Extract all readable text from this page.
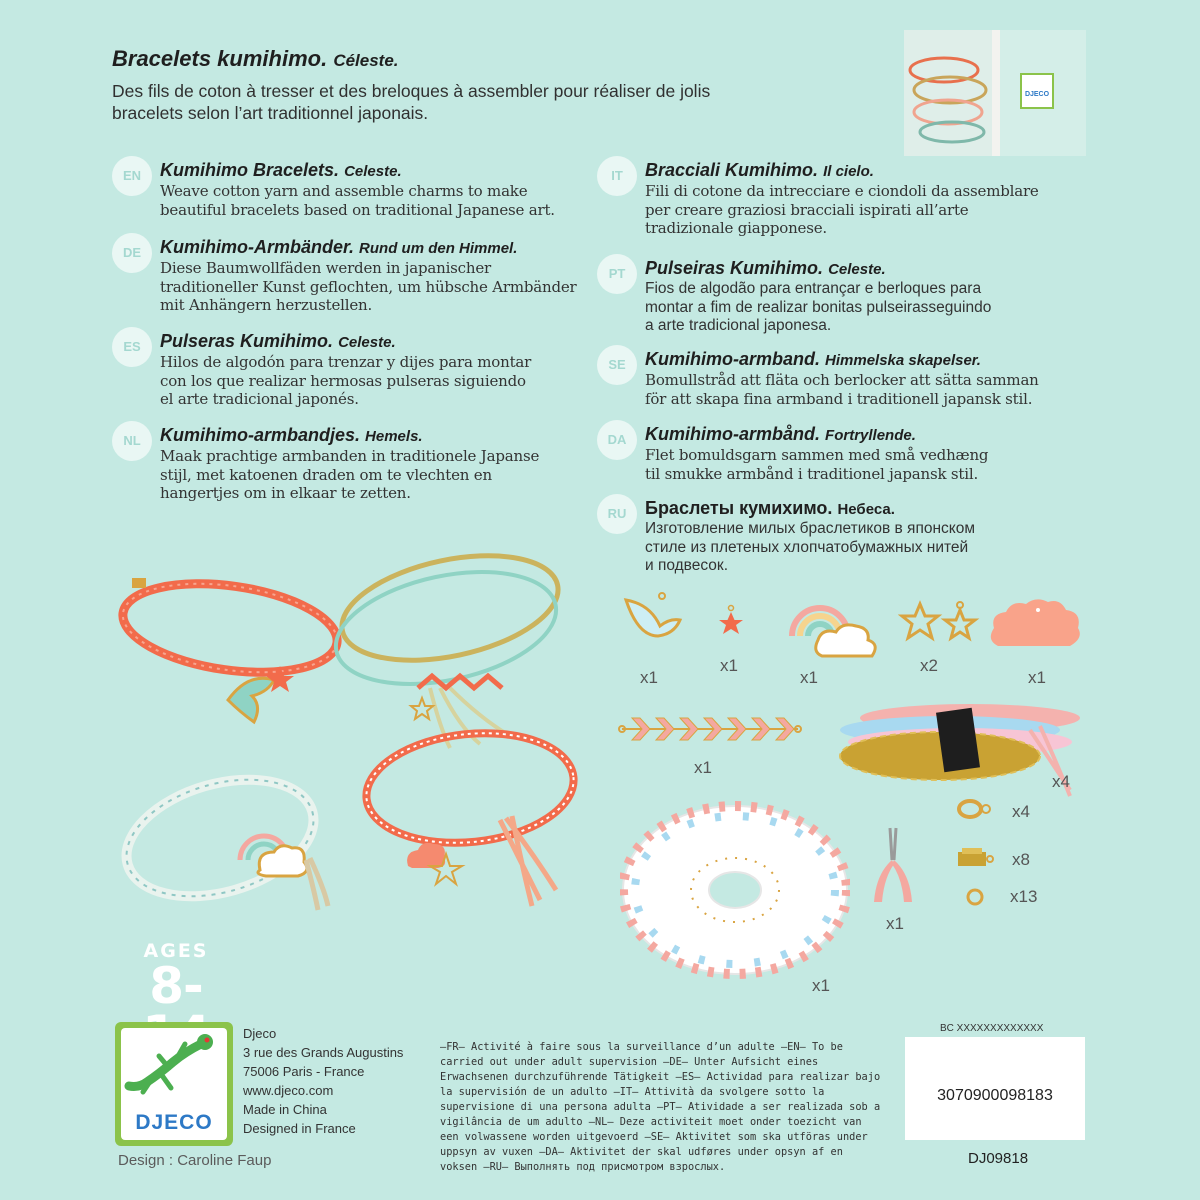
Bracelets kumihimo. Céleste.
Des fils de coton à tresser et des breloques à assembler pour réaliser de jolis bracelets selon l’art traditionnel japonais.
DJECO
EN	Kumihimo Bracelets. Celeste.
Weave cotton yarn and assemble charms to make
beautiful bracelets based on traditional Japanese art.
DE	Kumihimo-Armbänder. Rund um den Himmel.
Diese Baumwollfäden werden in japanischer
traditioneller Kunst geflochten, um hübsche Armbänder
mit Anhängern herzustellen.
ES	Pulseras Kumihimo. Celeste.
Hilos de algodón para trenzar y dijes para montar
con los que realizar hermosas pulseras siguiendo
el arte tradicional japonés.
NL	Kumihimo-armbandjes. Hemels.
Maak prachtige armbanden in traditionele Japanse
stijl, met katoenen draden om te vlechten en
hangertjes om in elkaar te zetten.
IT	Bracciali Kumihimo. Il cielo.
Fili di cotone da intrecciare e ciondoli da assemblare
per creare graziosi bracciali ispirati all’arte
tradizionale giapponese.
PT	Pulseiras Kumihimo. Celeste.
Fios de algodão para entrançar e berloques para
montar a fim de realizar bonitas pulseirasseguindo
a arte tradicional japonesa.
SE	Kumihimo-armband. Himmelska skapelser.
Bomullstråd att fläta och berlocker att sätta samman
för att skapa fina armband i traditionell japansk stil.
DA	Kumihimo-armbånd. Fortryllende.
Flet bomuldsgarn sammen med små vedhæng
til smukke armbånd i traditionel japansk stil.
RU	Браслеты кумихимо. Небеса.
Изготовление милых браслетиков в японском
стиле из плетеных хлопчатобумажных нитей
и подвесок.
x1
x1
x1
x2
x1
x1
x4
x1
x1
x4
x8
x13
AGES
8-
DJECO
Djeco
3 rue des Grands Augustins
75006 Paris - France
www.djeco.com
Made in China
Designed in France
Design : Caroline Faup
–FR– Activité à faire sous la surveillance d’un adulte –EN– To be carried out under adult supervision –DE– Unter Aufsicht eines Erwachsenen durchzuführende Tätigkeit –ES– Actividad para realizar bajo la supervisión de un adulto –IT– Attività da svolgere sotto la supervisione di una persona adulta –PT– Atividade a ser realizada sob a vigilância de um adulto –NL– Deze activiteit moet onder toezicht van een volwassene worden uitgevoerd –SE– Aktivitet som ska utföras under uppsyn av vuxen –DA– Aktivitet der skal udføres under opsyn af en voksen –RU– Выполнять под присмотром взрослых.
BC XXXXXXXXXXXXX
3070900098183
DJ09818
